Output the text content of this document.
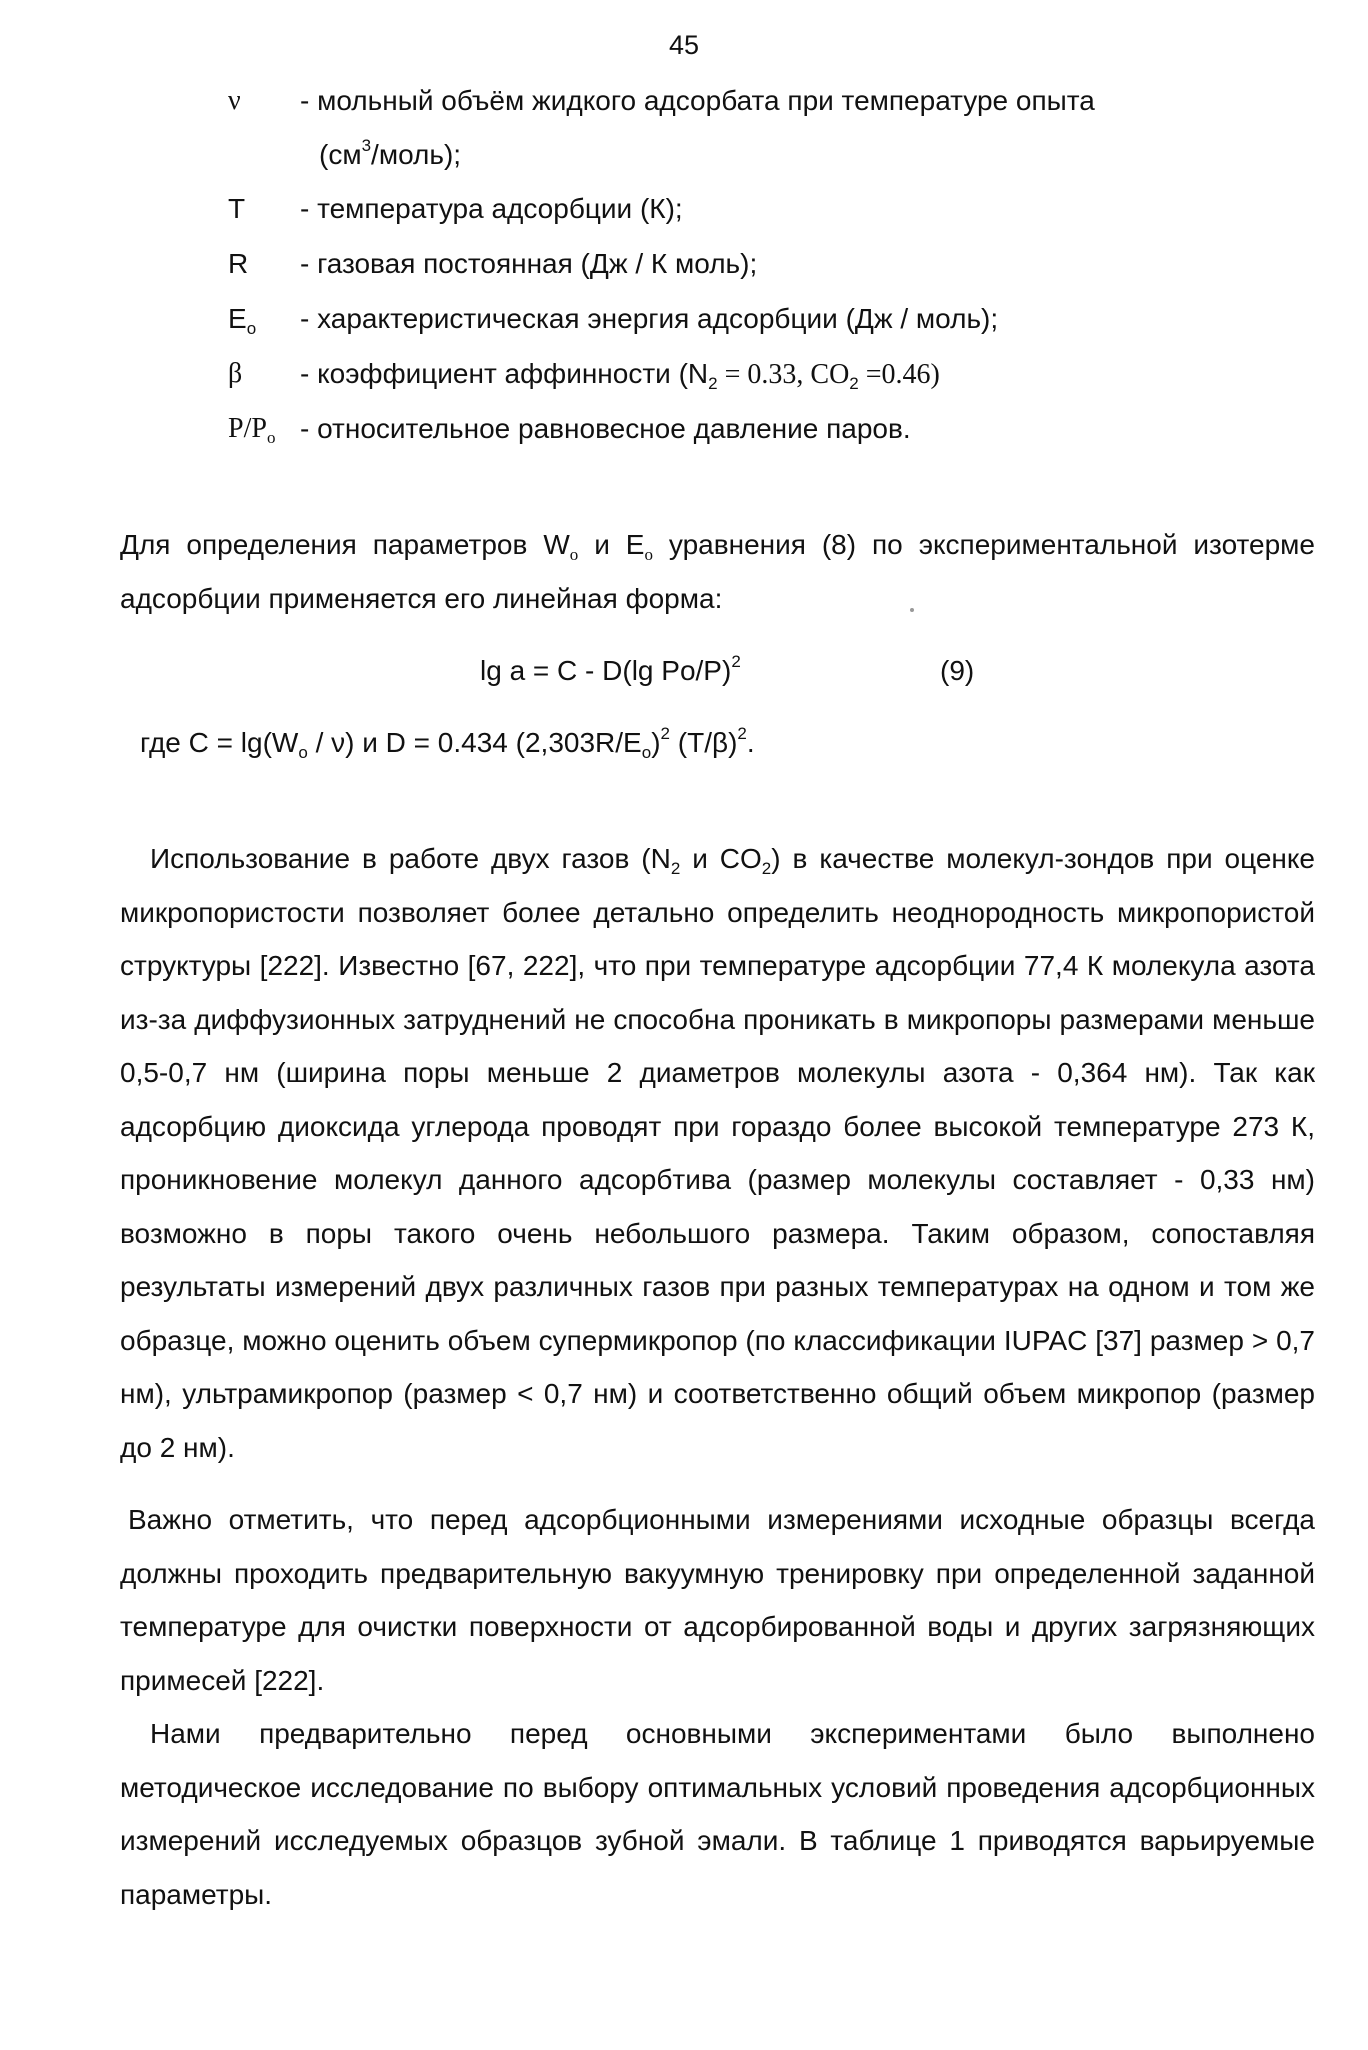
45
ν	- мольный объём жидкого адсорбата при температуре опыта
$(см^3/моль)$;
T	- температура адсорбции (К);
R	- газовая постоянная (Дж / К моль);
$E_o$	- характеристическая энергия адсорбции (Дж / моль);
β	- коэффициент аффинности ($N_2 = 0.33$, $CO_2 =0.46$)
$P/P_o$ - относительное равновесное давление паров.

Для определения параметров $W_o$ и $E_o$ уравнения (8) по экспериментальной изотерме адсорбции применяется его линейная форма:

lg a = C - D(lg Po/P)$^2$	(9)
где $C = \lg(W_o / \nu)$ и D = 0.434 $(2,303R/E_o)^2$ $(T/\beta)^2$.

Использование в работе двух газов ($N_2$ и $CO_2$) в качестве молекул-зондов при оценке микропористости позволяет более детально определить неоднородность микропористой структуры [222]. Известно [67, 222], что при температуре адсорбции 77,4 К молекула азота из-за диффузионных затруднений не способна проникать в микропоры размерами меньше 0,5-0,7 нм (ширина поры меньше 2 диаметров молекулы азота - 0,364 нм). Так как адсорбцию диоксида углерода проводят при гораздо более высокой температуре 273 К, проникновение молекул данного адсорбтива (размер молекулы составляет - 0,33 нм) возможно в поры такого очень небольшого размера. Таким образом, сопоставляя результаты измерений двух различных газов при разных температурах на одном и том же образце, можно оценить объем супермикропор (по классификации IUPAC [37] размер > 0,7 нм), ультрамикропор (размер < 0,7 нм) и соответственно общий объем микропор (размер до 2 нм).

Важно отметить, что перед адсорбционными измерениями исходные образцы всегда должны проходить предварительную вакуумную тренировку при определенной заданной температуре для очистки поверхности от адсорбированной воды и других загрязняющих примесей [222].

Нами предварительно перед основными экспериментами было выполнено методическое исследование по выбору оптимальных условий проведения адсорбционных измерений исследуемых образцов зубной эмали. В таблице 1 приводятся варьируемые параметры.
